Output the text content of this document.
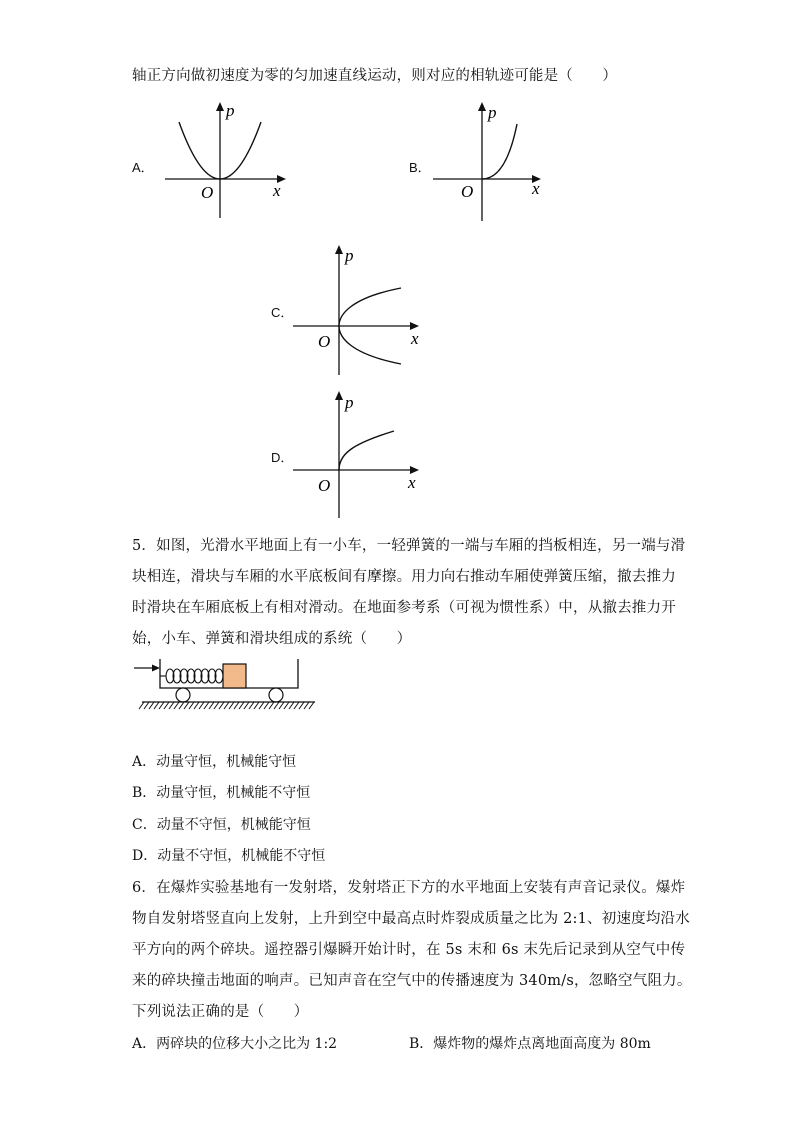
轴正方向做初速度为零的匀加速直线运动，则对应的相轨迹可能是（　　）
A．
p
x
O
B．
p
x
O
C．
p
x
O
D．
p
x
O
5．如图，光滑水平地面上有一小车，一轻弹簧的一端与车厢的挡板相连，另一端与滑
块相连，滑块与车厢的水平底板间有摩擦。用力向右推动车厢使弹簧压缩，撤去推力
时滑块在车厢底板上有相对滑动。在地面参考系（可视为惯性系）中，从撤去推力开
始，小车、弹簧和滑块组成的系统（　　）
A．动量守恒，机械能守恒
B．动量守恒，机械能不守恒
C．动量不守恒，机械能守恒
D．动量不守恒，机械能不守恒
6．在爆炸实验基地有一发射塔，发射塔正下方的水平地面上安装有声音记录仪。爆炸
物自发射塔竖直向上发射，上升到空中最高点时炸裂成质量之比为 2:1、初速度均沿水
平方向的两个碎块。遥控器引爆瞬开始计时，在 5s 末和 6s 末先后记录到从空气中传
来的碎块撞击地面的响声。已知声音在空气中的传播速度为 340m/s，忽略空气阻力。
下列说法正确的是（　　）
A．两碎块的位移大小之比为 1:2	B．爆炸物的爆炸点离地面高度为 80m
